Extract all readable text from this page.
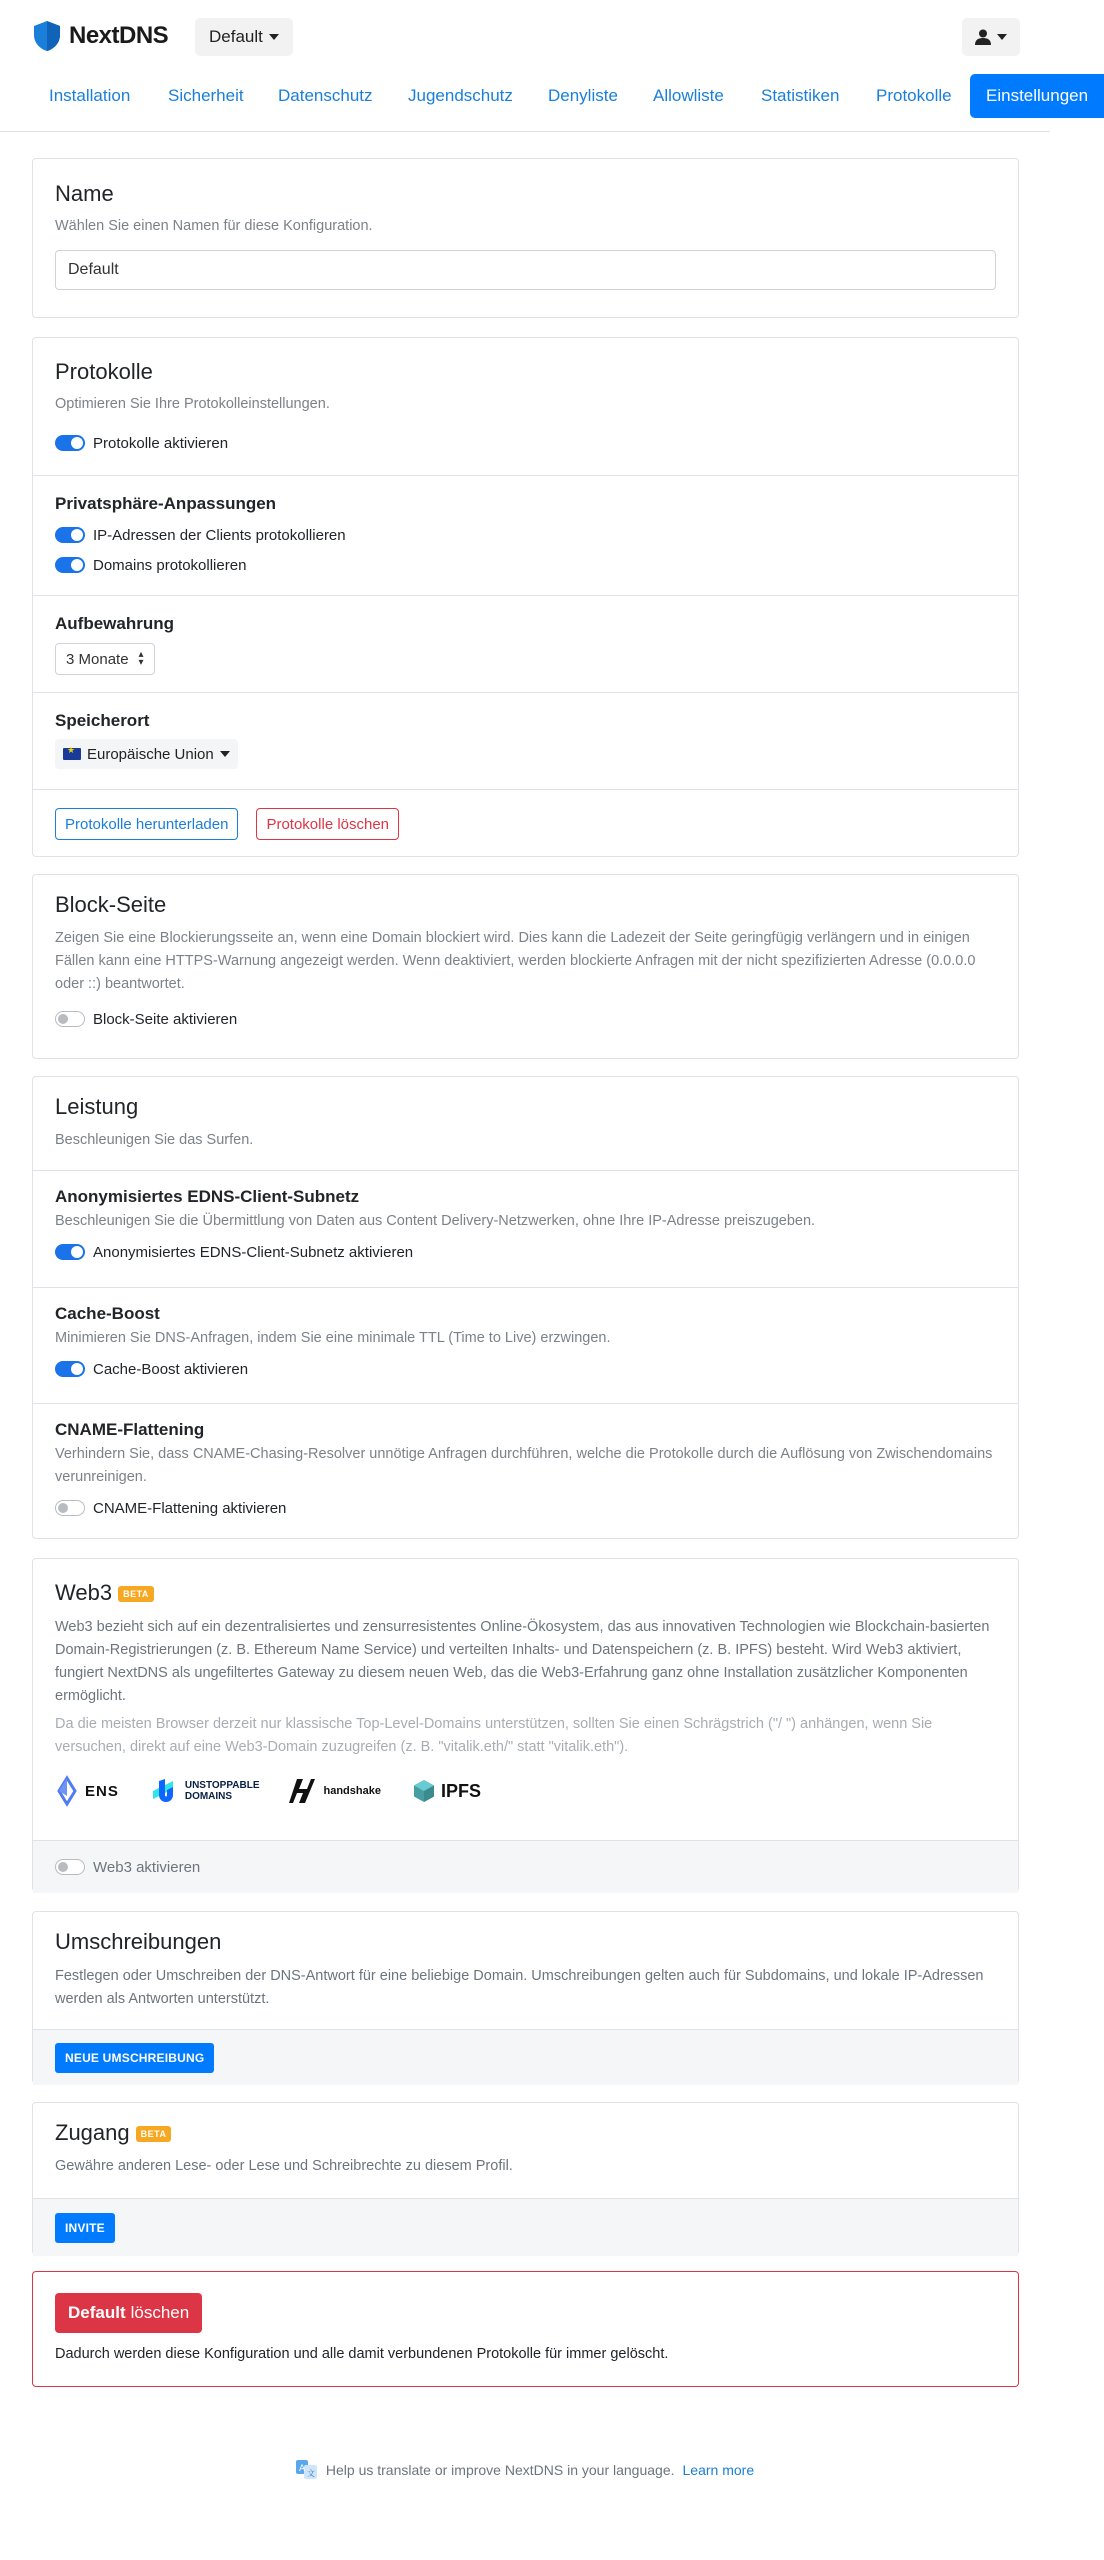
NextDNS Default
Installation	Sicherheit	Datenschutz	Jugendschutz	Denyliste	Allowliste	Statistiken	Protokolle	Einstellungen
Name
Wählen Sie einen Namen für diese Konfiguration.
Default
Protokolle
Optimieren Sie Ihre Protokolleinstellungen.
Protokolle aktivieren
Privatsphäre-Anpassungen
IP-Adressen der Clients protokollieren
Domains protokollieren
Aufbewahrung
3 Monate ▴
▾
Speicherort
★
Europäische Union
Protokolle herunterladen	Protokolle löschen
Block-Seite
Zeigen Sie eine Blockierungsseite an, wenn eine Domain blockiert wird. Dies kann die Ladezeit der Seite geringfügig verlängern und in einigen Fällen kann eine HTTPS-Warnung angezeigt werden. Wenn deaktiviert, werden blockierte Anfragen mit der nicht spezifizierten Adresse (0.0.0.0 oder ::) beantwortet.
Block-Seite aktivieren
Leistung
Beschleunigen Sie das Surfen.
Anonymisiertes EDNS-Client-Subnetz
Beschleunigen Sie die Übermittlung von Daten aus Content Delivery-Netzwerken, ohne Ihre IP-Adresse preiszugeben.
Anonymisiertes EDNS-Client-Subnetz aktivieren
Cache-Boost
Minimieren Sie DNS-Anfragen, indem Sie eine minimale TTL (Time to Live) erzwingen.
Cache-Boost aktivieren
CNAME-Flattening
Verhindern Sie, dass CNAME-Chasing-Resolver unnötige Anfragen durchführen, welche die Protokolle durch die Auflösung von Zwischendomains verunreinigen.
CNAME-Flattening aktivieren
Web3 BETA
Web3 bezieht sich auf ein dezentralisiertes und zensurresistentes Online-Ökosystem, das aus innovativen Technologien wie Blockchain-basierten Domain-Registrierungen (z. B. Ethereum Name Service) und verteilten Inhalts- und Datenspeichern (z. B. IPFS) besteht. Wird Web3 aktiviert, fungiert NextDNS als ungefiltertes Gateway zu diesem neuen Web, das die Web3-Erfahrung ganz ohne Installation zusätzlicher Komponenten ermöglicht.
Da die meisten Browser derzeit nur klassische Top-Level-Domains unterstützen, sollten Sie einen Schrägstrich ("/ ") anhängen, wenn Sie versuchen, direkt auf eine Web3-Domain zuzugreifen (z. B. "vitalik.eth/" statt "vitalik.eth").
ENS	UNSTOPPABLE
DOMAINS	handshake	IPFS
Web3 aktivieren
Umschreibungen
Festlegen oder Umschreiben der DNS-Antwort für eine beliebige Domain. Umschreibungen gelten auch für Subdomains, und lokale IP-Adressen werden als Antworten unterstützt.
NEUE UMSCHREIBUNG
Zugang BETA
Gewähre anderen Lese- oder Lese und Schreibrechte zu diesem Profil.
INVITE
Default löschen
Dadurch werden diese Konfiguration und alle damit verbundenen Protokolle für immer gelöscht.
A 文 Help us translate or improve NextDNS in your language. Learn more
